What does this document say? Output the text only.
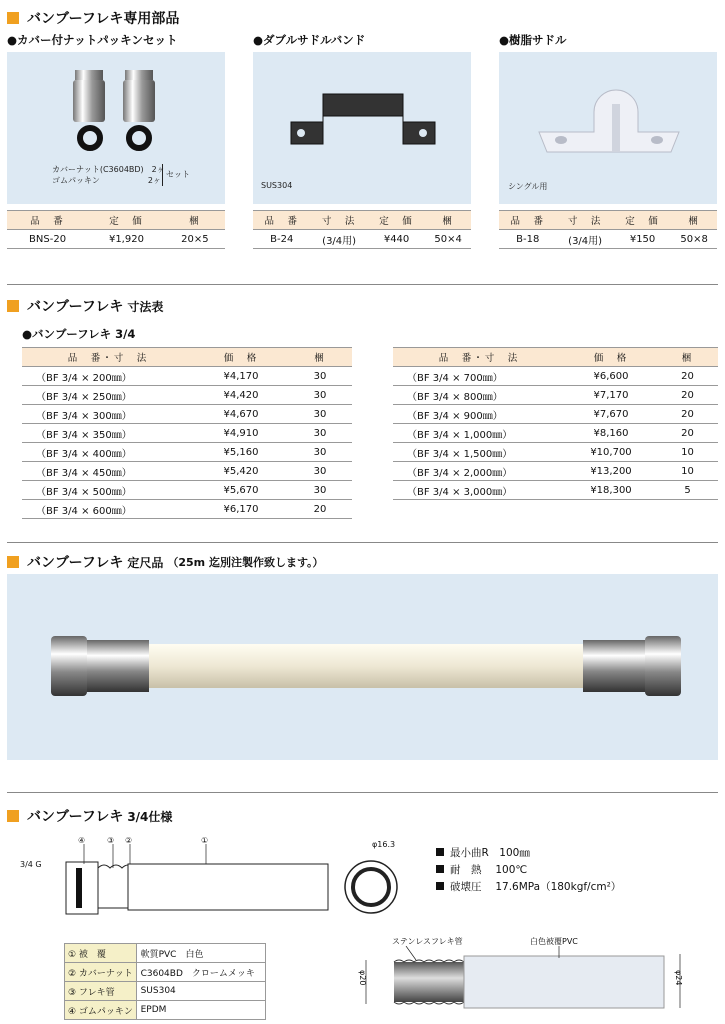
バンブーフレキ専用部品
●カバー付ナットパッキンセット	●ダブルサドルバンド	●樹脂サドル
カバーナット(C3604BD)　2ヶ
ゴムパッキン　　　　　　2ヶ
セット
SUS304	シングル用
品　番	定　価	梱
BNS-20	¥1,920	20×5
品　番	寸　法	定　価	梱
B-24	(3/4用)	¥440	50×4
品　番	寸　法	定　価	梱
B-18	(3/4用)	¥150	50×8
バンブーフレキ 寸法表
●バンブーフレキ 3/4
品　番・寸　法	価　格	梱
（BF 3/4 × 200㎜）	¥4,170	30
（BF 3/4 × 250㎜）	¥4,420	30
（BF 3/4 × 300㎜）	¥4,670	30
（BF 3/4 × 350㎜）	¥4,910	30
（BF 3/4 × 400㎜）	¥5,160	30
（BF 3/4 × 450㎜）	¥5,420	30
（BF 3/4 × 500㎜）	¥5,670	30
（BF 3/4 × 600㎜）	¥6,170	20
品　番・寸　法	価　格	梱
（BF 3/4 × 700㎜）	¥6,600	20
（BF 3/4 × 800㎜）	¥7,170	20
（BF 3/4 × 900㎜）	¥7,670	20
（BF 3/4 × 1,000㎜）	¥8,160	20
（BF 3/4 × 1,500㎜）	¥10,700	10
（BF 3/4 × 2,000㎜）	¥13,200	10
（BF 3/4 × 3,000㎜）	¥18,300	5
バンブーフレキ 定尺品 （25m 迄別注製作致します。）
バンブーフレキ 3/4仕様
④	③ ②	①
3/4 G
φ16.3
最小曲R　100㎜
耐　熱　 100℃
破壊圧　 17.6MPa（180kgf/cm²）
① 被　覆	軟質PVC　白色
② カバーナット	C3604BD　クロームメッキ
③ フレキ管	SUS304
④ ゴムパッキン	EPDM
ステンレスフレキ管	白色被覆PVC
φ20	φ24
